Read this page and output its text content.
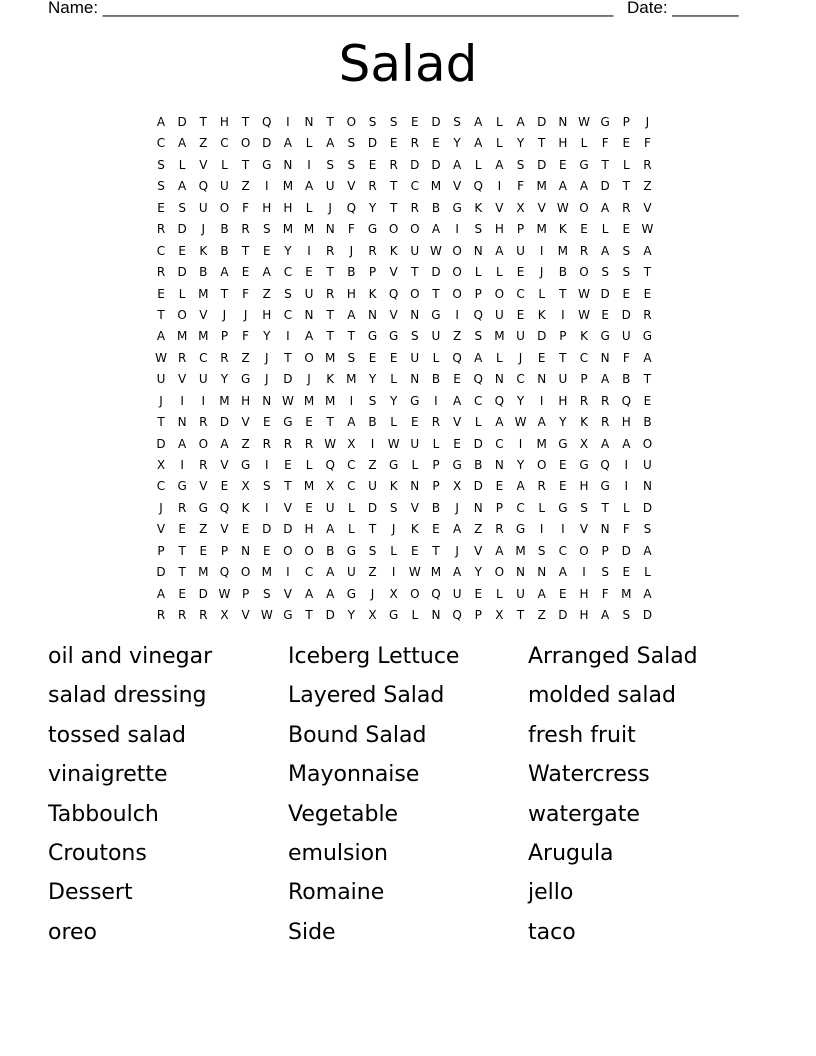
Name: ______________________________________________________ Date: _______
Salad
A	D	T	H	T	Q	I	N	T	O	S	S	E	D	S	A	L	A	D	N W G	P	J
C	A	Z	C	O D	A	L	A	S	D	E	R	E	Y	A	L	Y	T	H	L	F	E	F
S	L	V	L	T	G N	I	S	S	E	R	D D	A	L	A	S	D	E	G	T	L	R
S	A	Q	U	Z	I	M A	U	V	R	T	C M V	Q	I	F	M A	A	D	T	Z
E	S	U	O	F	H	H	L	J	Q	Y	T	R	B	G	K	V	X	V W O	A	R	V
R	D	J	B	R	S	M M N	F	G O O	A	I	S	H	P	M	K	E	L	E W
C	E	K	B	T	E	Y	I	R	J	R	K	U W O N	A	U	I	M R	A	S	A
R	D	B	A	E	A	C	E	T	B	P	V	T	D O	L	L	E	J	B	O	S	S	T
E	L	M	T	F	Z	S	U	R	H	K	Q O	T	O	P	O	C	L	T W D	E	E
T	O	V	J	J	H	C	N	T	A	N	V	N	G	I	Q	U	E	K	I	W E	D	R
A M M	P	F	Y	I	A	T	T	G G	S	U	Z	S	M U	D	P	K	G	U	G
W R	C	R	Z	J	T	O M	S	E	E	U	L	Q	A	L	J	E	T	C	N	F	A
U	V	U	Y	G	J	D	J	K	M	Y	L	N	B	E	Q N	C	N	U	P	A	B	T
J	I	I	M H	N W M M	I	S	Y	G	I	A	C	Q	Y	I	H	R	R	Q	E
T	N	R	D	V	E	G	E	T	A	B	L	E	R	V	L	A W A	Y	K	R	H	B
D	A	O	A	Z	R	R	R W X	I	W U	L	E	D	C	I	M G	X	A	A	O
X	I	R	V	G	I	E	L	Q	C	Z	G	L	P	G	B	N	Y	O	E	G Q	I	U
C	G	V	E	X	S	T	M X	C	U	K	N	P	X	D	E	A	R	E	H G	I	N
J	R	G Q	K	I	V	E	U	L	D	S	V	B	J	N	P	C	L	G	S	T	L	D
V	E	Z	V	E	D D	H	A	L	T	J	K	E	A	Z	R	G	I	I	V	N	F	S
P	T	E	P	N	E	O O	B	G	S	L	E	T	J	V	A M	S	C	O	P	D	A
D	T	M Q O M	I	C	A	U	Z	I	W M A	Y	O N	N	A	I	S	E	L
A	E	D W P	S	V	A	A	G	J	X	O Q	U	E	L	U	A	E	H	F	M A
R	R	R	X	V W G	T	D	Y	X	G	L	N Q	P	X	T	Z	D	H	A	S	D
oil and vinegar	Iceberg Lettuce	Arranged Salad
salad dressing	Layered Salad	molded salad
tossed salad	Bound Salad	fresh fruit
vinaigrette	Mayonnaise	Watercress
Tabboulch	Vegetable	watergate
Croutons	emulsion	Arugula
Dessert	Romaine	jello
oreo	Side	taco
